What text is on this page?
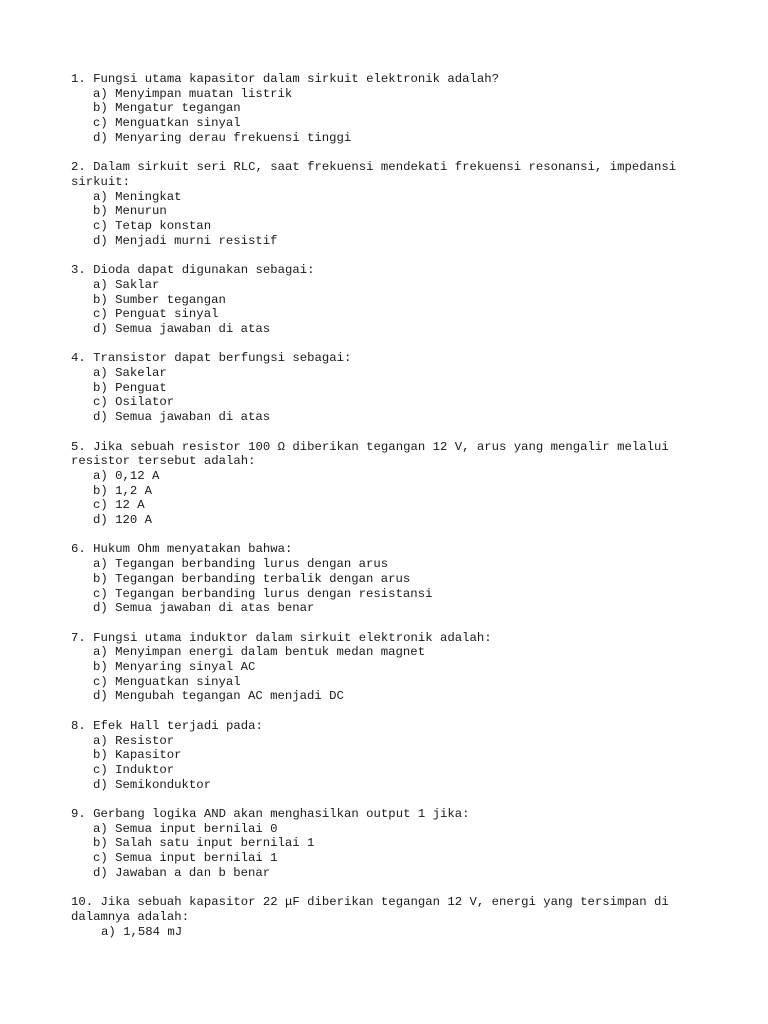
1. Fungsi utama kapasitor dalam sirkuit elektronik adalah?

a) Menyimpan muatan listrik
b) Mengatur tegangan
c) Menguatkan sinyal
d) Menyaring derau frekuensi tinggi

2. Dalam sirkuit seri RLC, saat frekuensi mendekati frekuensi resonansi, impedansi sirkuit:

a) Meningkat
b) Menurun
c) Tetap konstan
d) Menjadi murni resistif

3. Dioda dapat digunakan sebagai:

a) Saklar
b) Sumber tegangan
c) Penguat sinyal
d) Semua jawaban di atas

4. Transistor dapat berfungsi sebagai:

a) Sakelar
b) Penguat
c) Osilator
d) Semua jawaban di atas

5. Jika sebuah resistor 100 Ω diberikan tegangan 12 V, arus yang mengalir melalui resistor tersebut adalah:

a) 0,12 A
b) 1,2 A
c) 12 A
d) 120 A

6. Hukum Ohm menyatakan bahwa:

a) Tegangan berbanding lurus dengan arus
b) Tegangan berbanding terbalik dengan arus
c) Tegangan berbanding lurus dengan resistansi
d) Semua jawaban di atas benar

7. Fungsi utama induktor dalam sirkuit elektronik adalah:

a) Menyimpan energi dalam bentuk medan magnet
b) Menyaring sinyal AC
c) Menguatkan sinyal
d) Mengubah tegangan AC menjadi DC

8. Efek Hall terjadi pada:

a) Resistor
b) Kapasitor
c) Induktor
d) Semikonduktor

9. Gerbang logika AND akan menghasilkan output 1 jika:

a) Semua input bernilai 0
b) Salah satu input bernilai 1
c) Semua input bernilai 1
d) Jawaban a dan b benar

10. Jika sebuah kapasitor 22 μF diberikan tegangan 12 V, energi yang tersimpan di dalamnya adalah:

a) 1,584 mJ
